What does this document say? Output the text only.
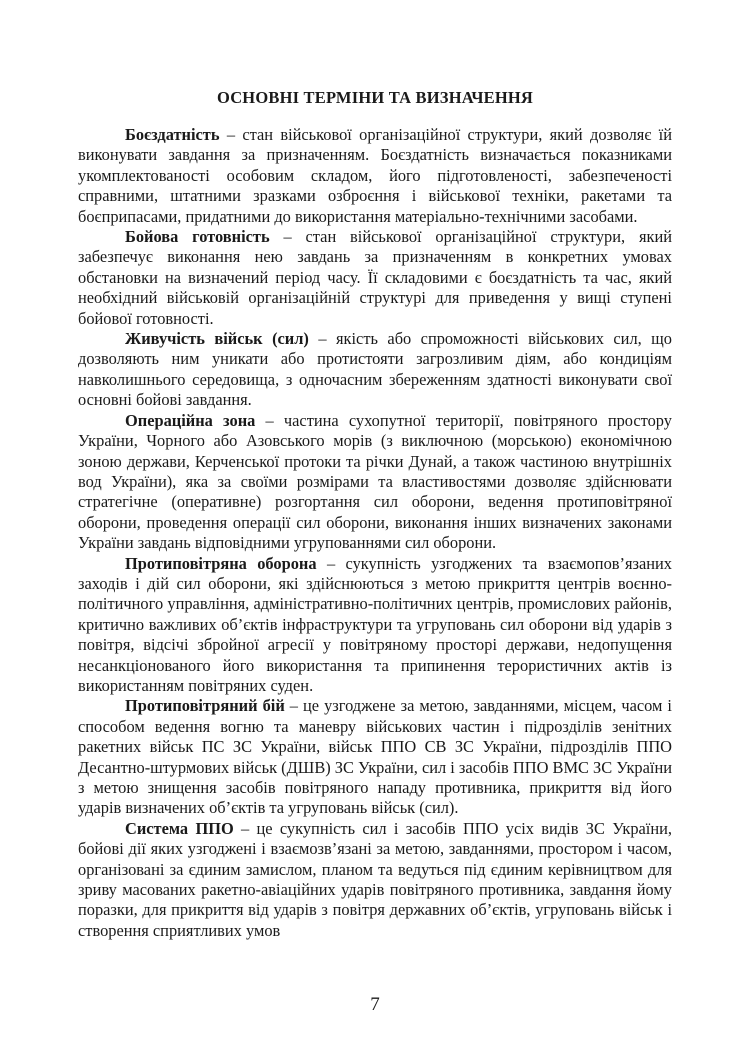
ОСНОВНІ ТЕРМІНИ ТА ВИЗНАЧЕННЯ

Боєздатність – стан військової організаційної структури, який дозволяє їй виконувати завдання за призначенням. Боєздатність визначається показниками укомплектованості особовим складом, його підготовленості, забезпеченості справними, штатними зразками озброєння і військової техніки, ракетами та боєприпасами, придатними до використання матеріально-технічними засобами.

Бойова готовність – стан військової організаційної структури, який забезпечує виконання нею завдань за призначенням в конкретних умовах обстановки на визначений період часу. Її складовими є боєздатність та час, який необхідний військовій організаційній структурі для приведення у вищі ступені бойової готовності.

Живучість військ (сил) – якість або спроможності військових сил, що дозволяють ним уникати або протистояти загрозливим діям, або кондиціям навколишнього середовища, з одночасним збереженням здатності виконувати свої основні бойові завдання.

Операційна зона – частина сухопутної території, повітряного простору України, Чорного або Азовського морів (з виключною (морською) економічною зоною держави, Керченської протоки та річки Дунай, а також частиною внутрішніх вод України), яка за своїми розмірами та властивостями дозволяє здійснювати стратегічне (оперативне) розгортання сил оборони, ведення протиповітряної оборони, проведення операції сил оборони, виконання інших визначених законами України завдань відповідними угрупованнями сил оборони.

Протиповітряна оборона – сукупність узгоджених та взаємопов’язаних заходів і дій сил оборони, які здійснюються з метою прикриття центрів воєнно-політичного управління, адміністративно-політичних центрів, промислових районів, критично важливих об’єктів інфраструктури та угруповань сил оборони від ударів з повітря, відсічі збройної агресії у повітряному просторі держави, недопущення несанкціонованого його використання та припинення терористичних актів із використанням повітряних суден.

Протиповітряний бій – це узгоджене за метою, завданнями, місцем, часом і способом ведення вогню та маневру військових частин і підрозділів зенітних ракетних військ ПС ЗС України, військ ППО СВ ЗС України, підрозділів ППО Десантно-штурмових військ (ДШВ) ЗС України, сил і засобів ППО ВМС ЗС України з метою знищення засобів повітряного нападу противника, прикриття від його ударів визначених об’єктів та угруповань військ (сил).

Система ППО – це сукупність сил і засобів ППО усіх видів ЗС України, бойові дії яких узгоджені і взаємозв’язані за метою, завданнями, простором і часом, організовані за єдиним замислом, планом та ведуться під єдиним керівництвом для зриву масованих ракетно-авіаційних ударів повітряного противника, завдання йому поразки, для прикриття від ударів з повітря державних об’єктів, угруповань військ і створення сприятливих умов

7
